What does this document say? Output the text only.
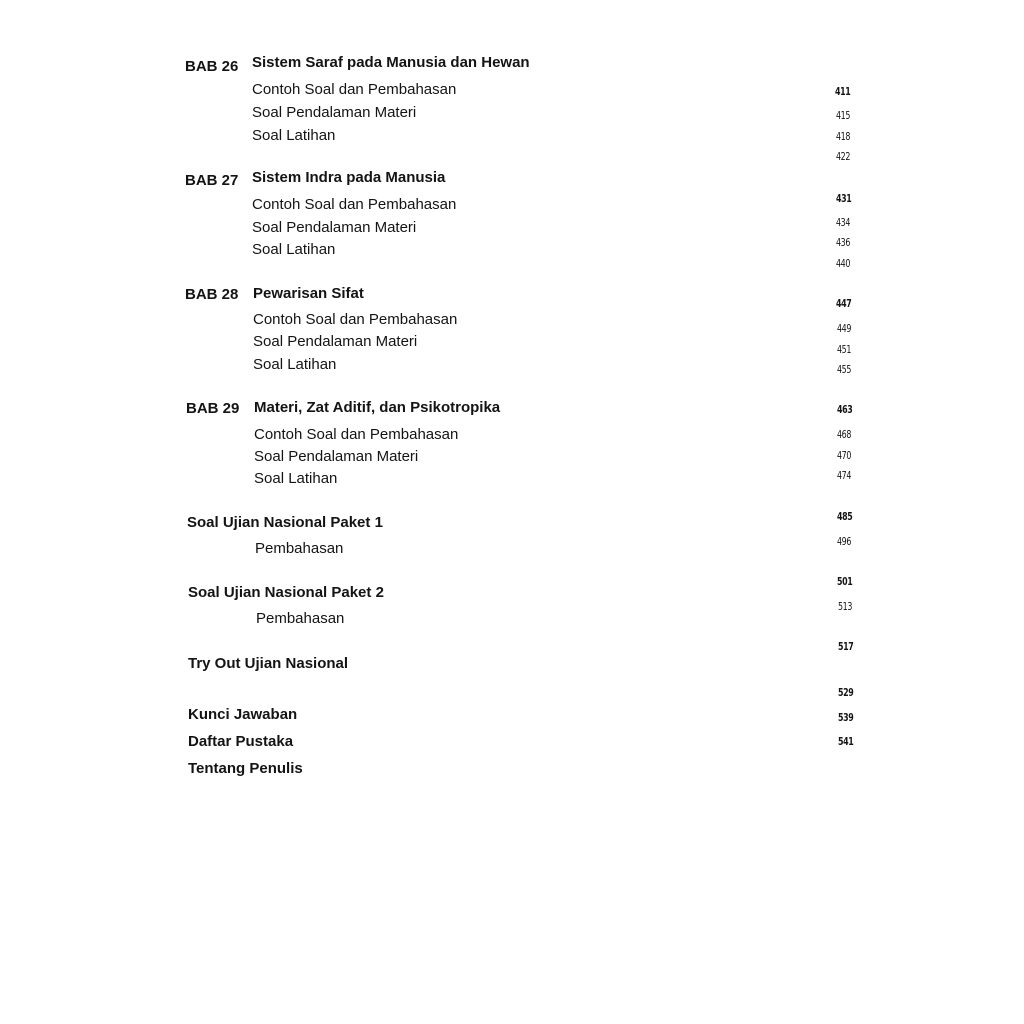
BAB 26 Sistem Saraf pada Manusia dan Hewan
Contoh Soal dan Pembahasan
Soal Pendalaman Materi
Soal Latihan
BAB 27 Sistem Indra pada Manusia
Contoh Soal dan Pembahasan
Soal Pendalaman Materi
Soal Latihan
BAB 28 Pewarisan Sifat
Contoh Soal dan Pembahasan
Soal Pendalaman Materi
Soal Latihan
BAB 29 Materi, Zat Aditif, dan Psikotropika
Contoh Soal dan Pembahasan
Soal Pendalaman Materi
Soal Latihan
Soal Ujian Nasional Paket 1
Pembahasan
Soal Ujian Nasional Paket 2
Pembahasan
Try Out Ujian Nasional
Kunci Jawaban
Daftar Pustaka
Tentang Penulis
411
415
418
422
431
434
436
440
447
449
451
455
463
468
470
474
485
496
501
513
517
529
539
541
